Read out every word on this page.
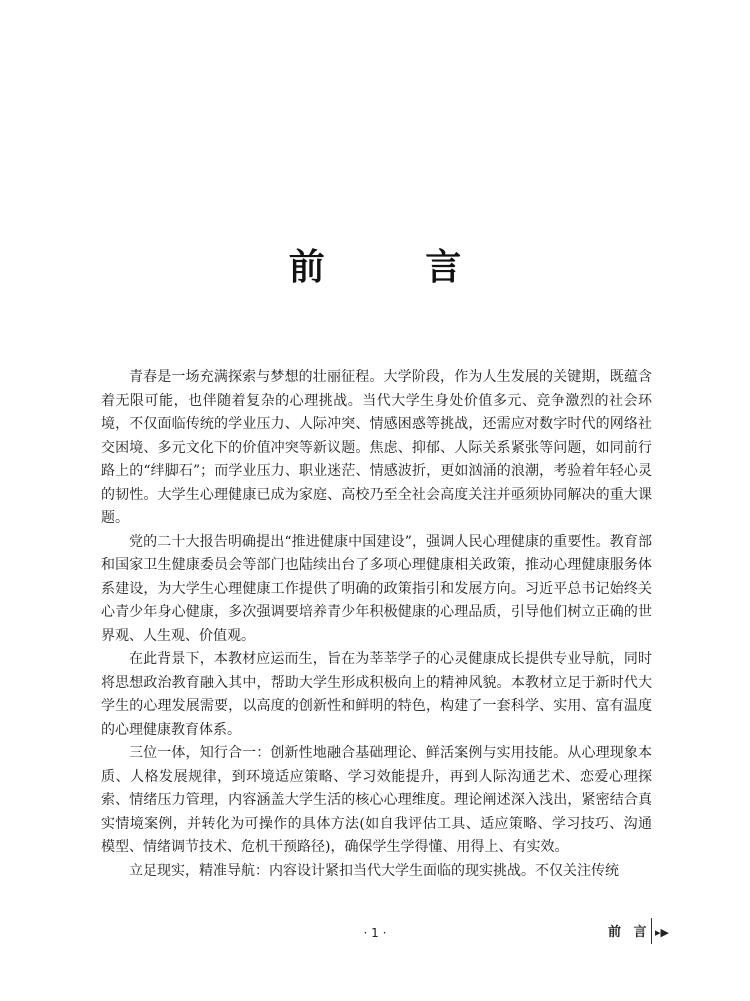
前 言

青春是一场充满探索与梦想的壮丽征程。大学阶段，作为人生发展的关键期，既蕴含着无限可能，也伴随着复杂的心理挑战。当代大学生身处价值多元、竞争激烈的社会环境，不仅面临传统的学业压力、人际冲突、情感困惑等挑战，还需应对数字时代的网络社交困境、多元文化下的价值冲突等新议题。焦虑、抑郁、人际关系紧张等问题，如同前行路上的“绊脚石”；而学业压力、职业迷茫、情感波折，更如汹涌的浪潮，考验着年轻心灵的韧性。大学生心理健康已成为家庭、高校乃至全社会高度关注并亟须协同解决的重大课题。

党的二十大报告明确提出“推进健康中国建设”，强调人民心理健康的重要性。教育部和国家卫生健康委员会等部门也陆续出台了多项心理健康相关政策，推动心理健康服务体系建设，为大学生心理健康工作提供了明确的政策指引和发展方向。习近平总书记始终关心青少年身心健康，多次强调要培养青少年积极健康的心理品质，引导他们树立正确的世界观、人生观、价值观。

在此背景下，本教材应运而生，旨在为莘莘学子的心灵健康成长提供专业导航，同时将思想政治教育融入其中，帮助大学生形成积极向上的精神风貌。本教材立足于新时代大学生的心理发展需要，以高度的创新性和鲜明的特色，构建了一套科学、实用、富有温度的心理健康教育体系。

三位一体，知行合一：创新性地融合基础理论、鲜活案例与实用技能。从心理现象本质、人格发展规律，到环境适应策略、学习效能提升，再到人际沟通艺术、恋爱心理探索、情绪压力管理，内容涵盖大学生活的核心心理维度。理论阐述深入浅出，紧密结合真实情境案例，并转化为可操作的具体方法(如自我评估工具、适应策略、学习技巧、沟通模型、情绪调节技术、危机干预路径)，确保学生学得懂、用得上、有实效。

立足现实，精准导航：内容设计紧扣当代大学生面临的现实挑战。不仅关注传统

· 1 ·	前 言 ▸▶
